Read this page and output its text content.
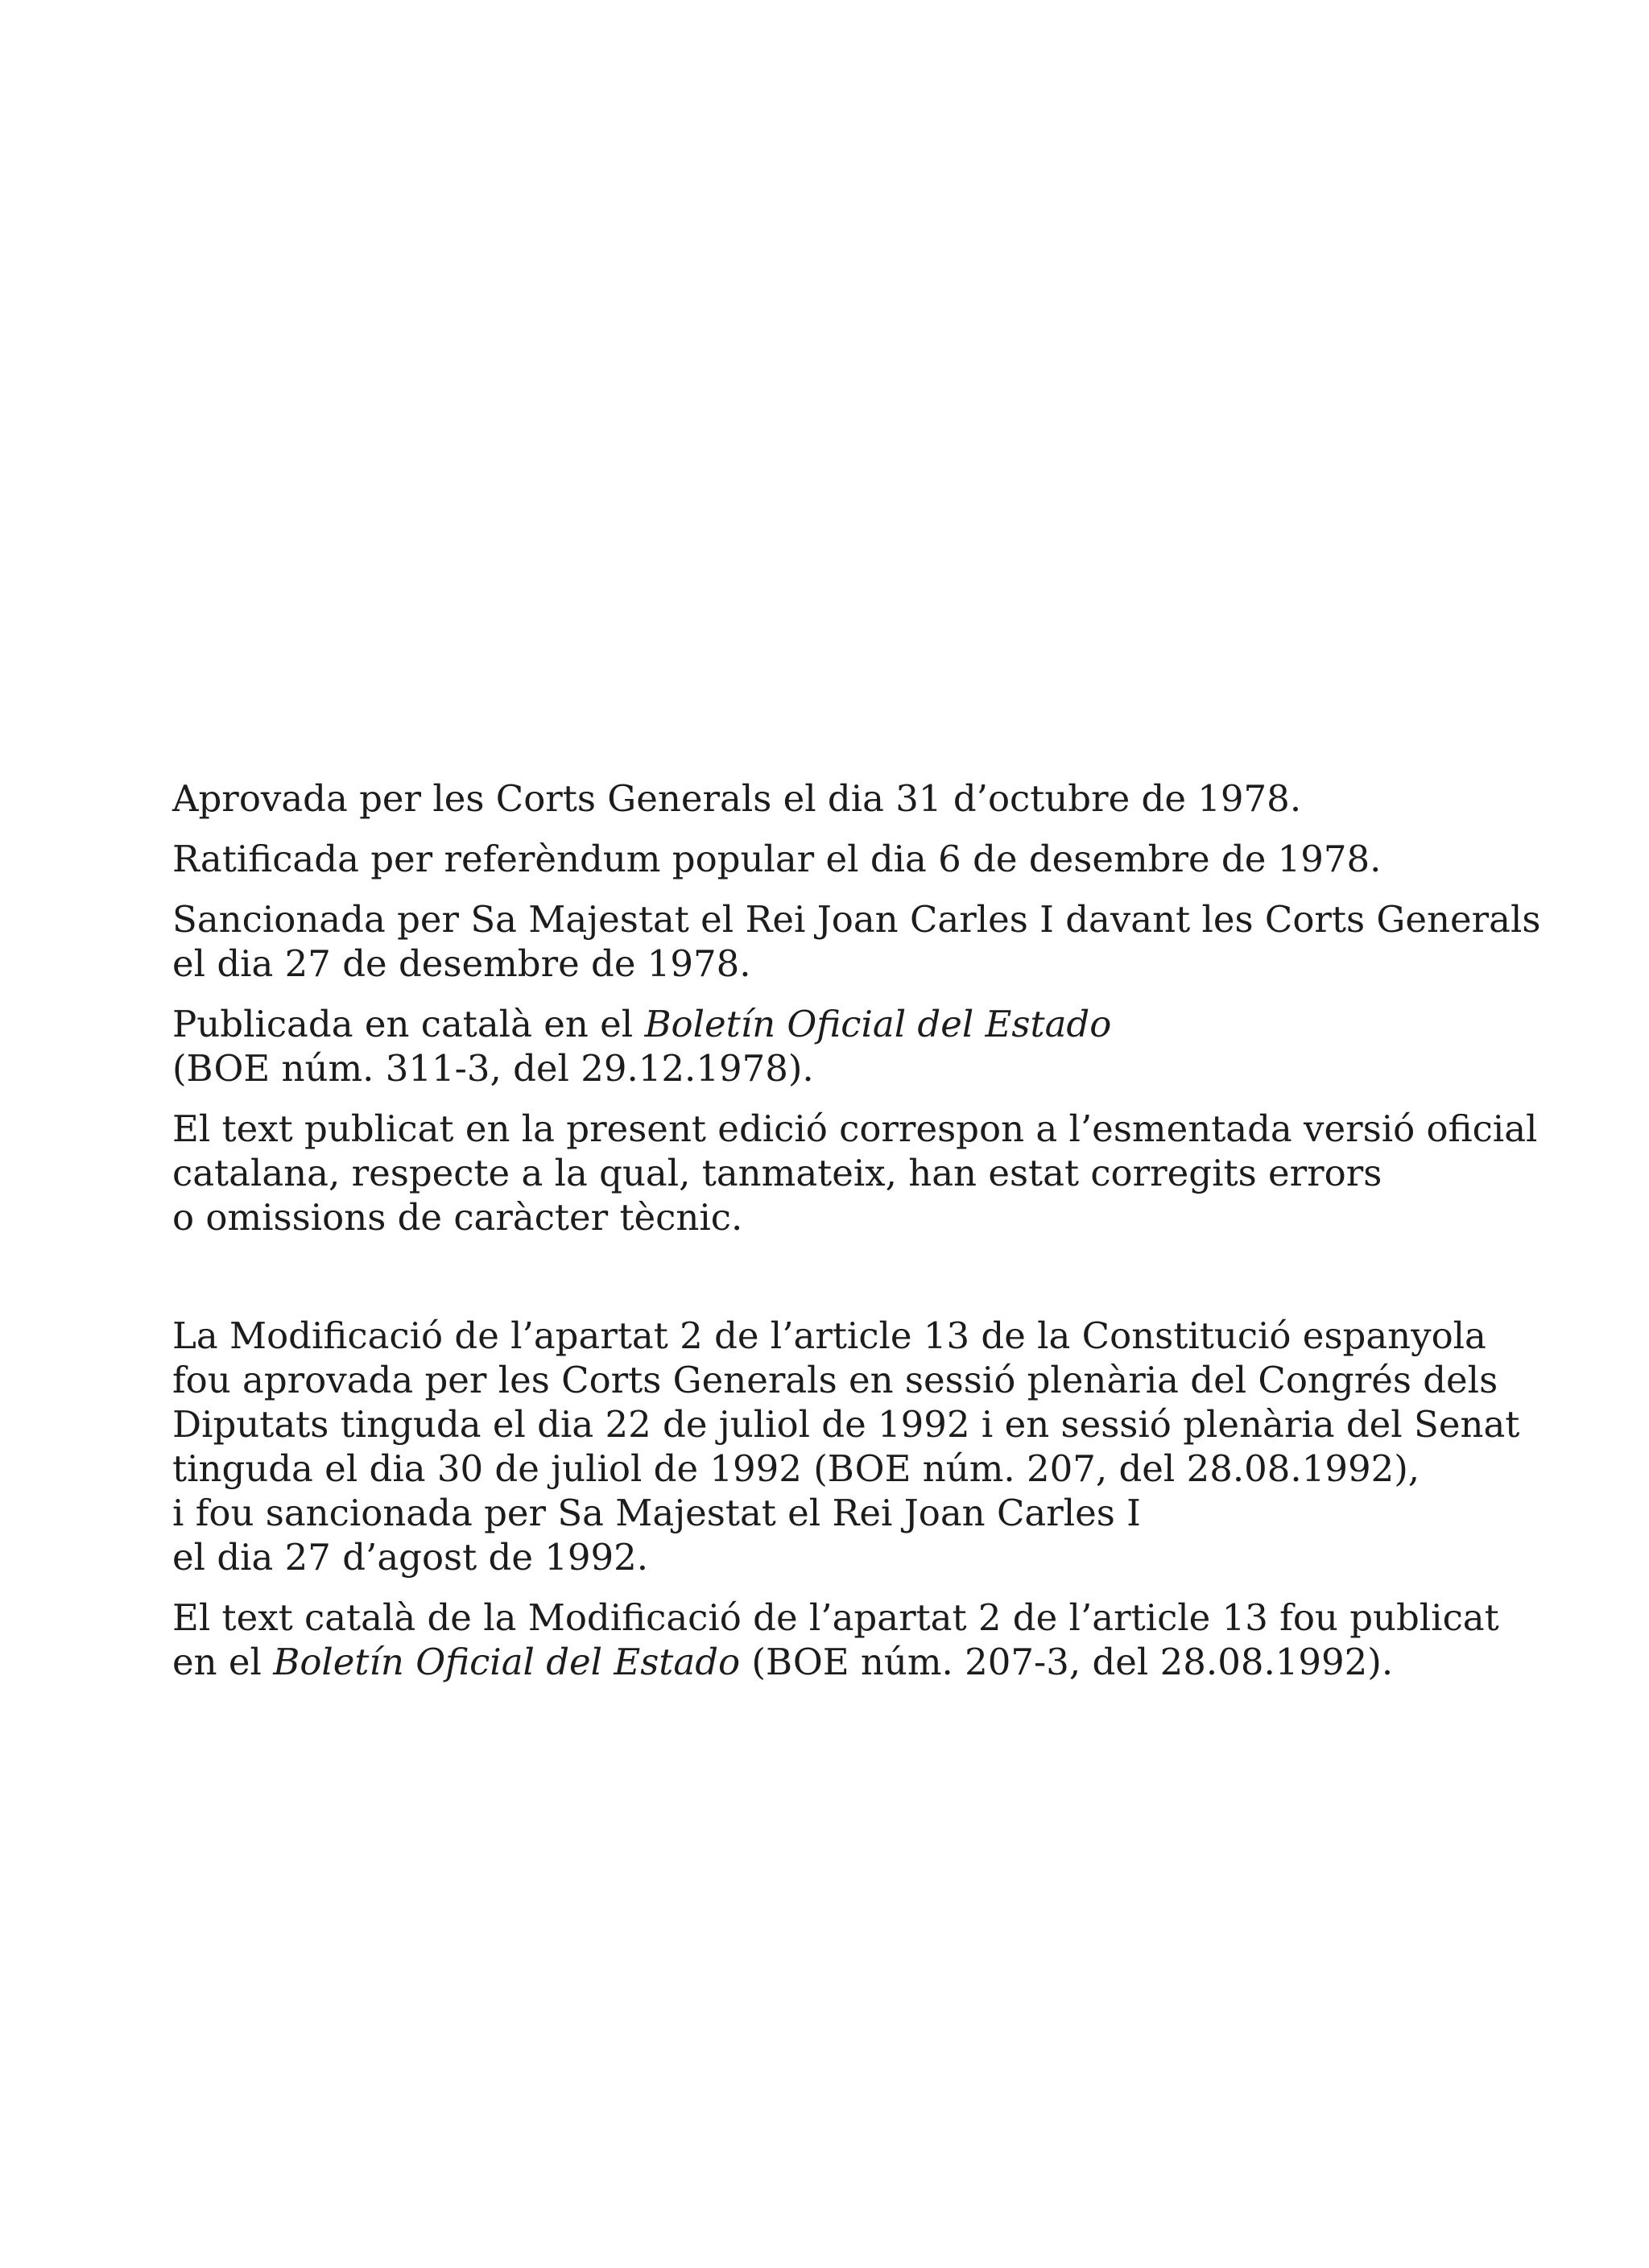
Aprovada per les Corts Generals el dia 31 d’octubre de 1978.

Ratificada per referèndum popular el dia 6 de desembre de 1978.

Sancionada per Sa Majestat el Rei Joan Carles I davant les Corts Generals
el dia 27 de desembre de 1978.

Publicada en català en el Boletín Oficial del Estado
(BOE núm. 311-3, del 29.12.1978).

El text publicat en la present edició correspon a l’esmentada versió oficial
catalana, respecte a la qual, tanmateix, han estat corregits errors
o omissions de caràcter tècnic.

La Modificació de l’apartat 2 de l’article 13 de la Constitució espanyola
fou aprovada per les Corts Generals en sessió plenària del Congrés dels
Diputats tinguda el dia 22 de juliol de 1992 i en sessió plenària del Senat
tinguda el dia 30 de juliol de 1992 (BOE núm. 207, del 28.08.1992),
i fou sancionada per Sa Majestat el Rei Joan Carles I
el dia 27 d’agost de 1992.

El text català de la Modificació de l’apartat 2 de l’article 13 fou publicat
en el Boletín Oficial del Estado (BOE núm. 207-3, del 28.08.1992).
